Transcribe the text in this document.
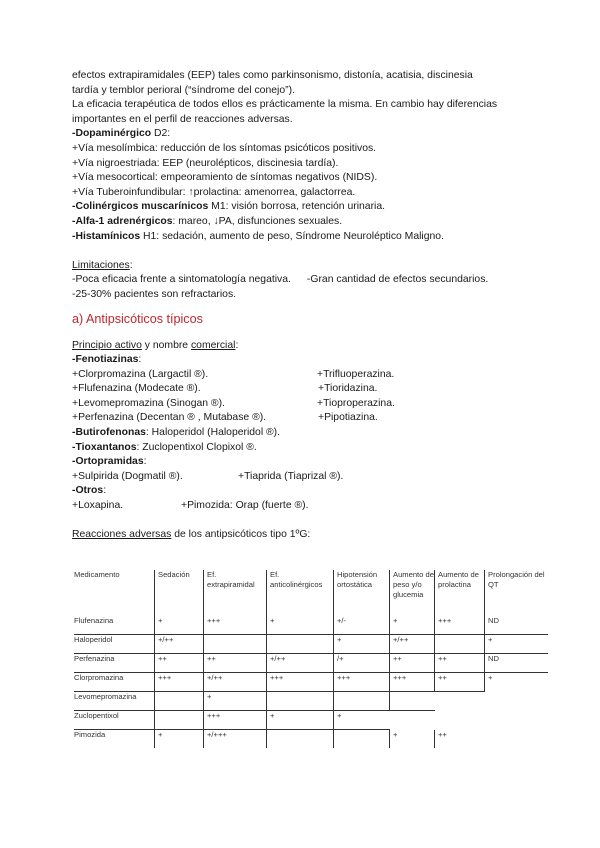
efectos extrapiramidales (EEP) tales como parkinsonismo, distonía, acatisia, discinesia
tardía y temblor perioral (“síndrome del conejo”).
La eficacia terapéutica de todos ellos es prácticamente la misma. En cambio hay diferencias
importantes en el perfil de reacciones adversas.
-Dopaminérgico D2:
+Vía mesolímbica: reducción de los síntomas psicóticos positivos.
+Vía nigroestriada: EEP (neurolépticos, discinesia tardía).
+Vía mesocortical: empeoramiento de síntomas negativos (NIDS).
+Vía Tuberoinfundibular: ↑prolactina: amenorrea, galactorrea.
-Colinérgicos muscarínicos M1: visión borrosa, retención urinaria.
-Alfa-1 adrenérgicos: mareo, ↓PA, disfunciones sexuales.
-Histamínicos H1: sedación, aumento de peso, Síndrome Neuroléptico Maligno.
Limitaciones:
-Poca eficacia frente a sintomatología negativa. -Gran cantidad de efectos secundarios.
-25-30% pacientes son refractarios.
a) Antipsicóticos típicos
Principio activo y nombre comercial:
-Fenotiazinas:
+Clorpromazina (Largactil ®).	+Trifluoperazina.
+Flufenazina (Modecate ®).	+Tioridazina.
+Levomepromazina (Sinogan ®).	+Tioproperazina.
+Perfenazina (Decentan ® , Mutabase ®).	+Pipotiazina.
-Butirofenonas: Haloperidol (Haloperidol ®).
-Tioxantanos: Zuclopentixol Clopixol ®.
-Ortopramidas:
+Sulpirida (Dogmatil ®).	+Tiaprida (Tiaprizal ®).
-Otros:
+Loxapina.	+Pimozida: Orap (fuerte ®).
Reacciones adversas de los antipsicóticos tipo 1ºG:
Medicamento	Sedación	Ef. extrapiramidal	Ef. anticolinérgicos	Hipotensión ortostática	Aumento de peso y/o glucemia	Aumento de prolactina	Prolongación del QT
Flufenazina	+	+++	+	+/-	+	+++	ND
Haloperidol	+/++			+	+/++		+
Perfenazina	++	++	+/++	/+	++	++	ND
Clorpromazina	+++	+/++	+++	+++	+++	++	+
Levomepromazina		+					
Zuclopentixol		+++	+	+			
Pimozida	+	+/+++			+	++	
